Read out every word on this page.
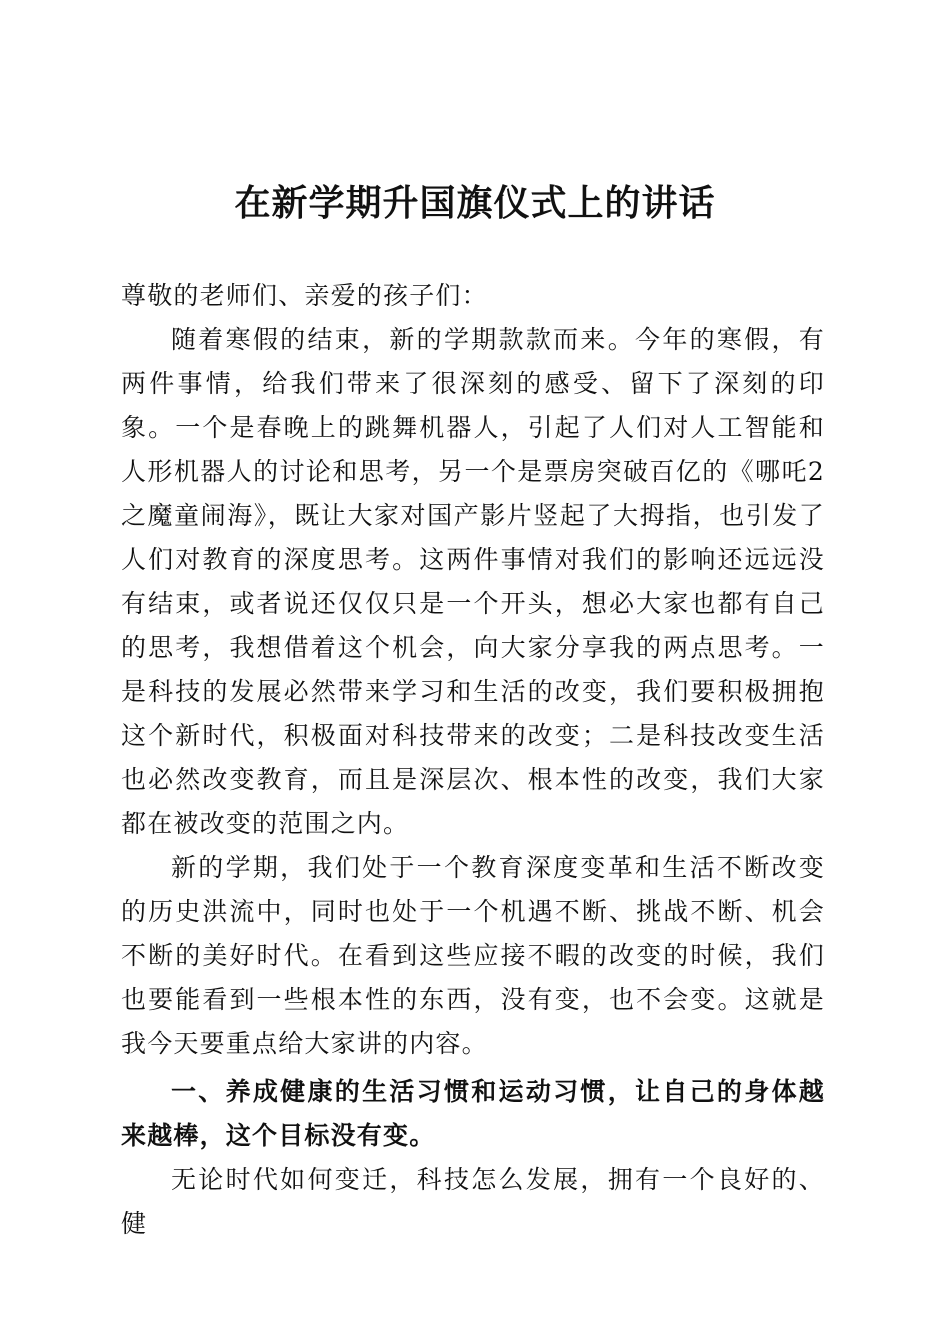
在新学期升国旗仪式上的讲话

尊敬的老师们、亲爱的孩子们：

随着寒假的结束，新的学期款款而来。今年的寒假，有两件事情，给我们带来了很深刻的感受、留下了深刻的印象。一个是春晚上的跳舞机器人，引起了人们对人工智能和人形机器人的讨论和思考，另一个是票房突破百亿的《哪吒2之魔童闹海》，既让大家对国产影片竖起了大拇指，也引发了人们对教育的深度思考。这两件事情对我们的影响还远远没有结束，或者说还仅仅只是一个开头，想必大家也都有自己的思考，我想借着这个机会，向大家分享我的两点思考。一是科技的发展必然带来学习和生活的改变，我们要积极拥抱这个新时代，积极面对科技带来的改变；二是科技改变生活也必然改变教育，而且是深层次、根本性的改变，我们大家都在被改变的范围之内。

新的学期，我们处于一个教育深度变革和生活不断改变的历史洪流中，同时也处于一个机遇不断、挑战不断、机会不断的美好时代。在看到这些应接不暇的改变的时候，我们也要能看到一些根本性的东西，没有变，也不会变。这就是我今天要重点给大家讲的内容。

一、养成健康的生活习惯和运动习惯，让自己的身体越来越棒，这个目标没有变。

无论时代如何变迁，科技怎么发展，拥有一个良好的、健
